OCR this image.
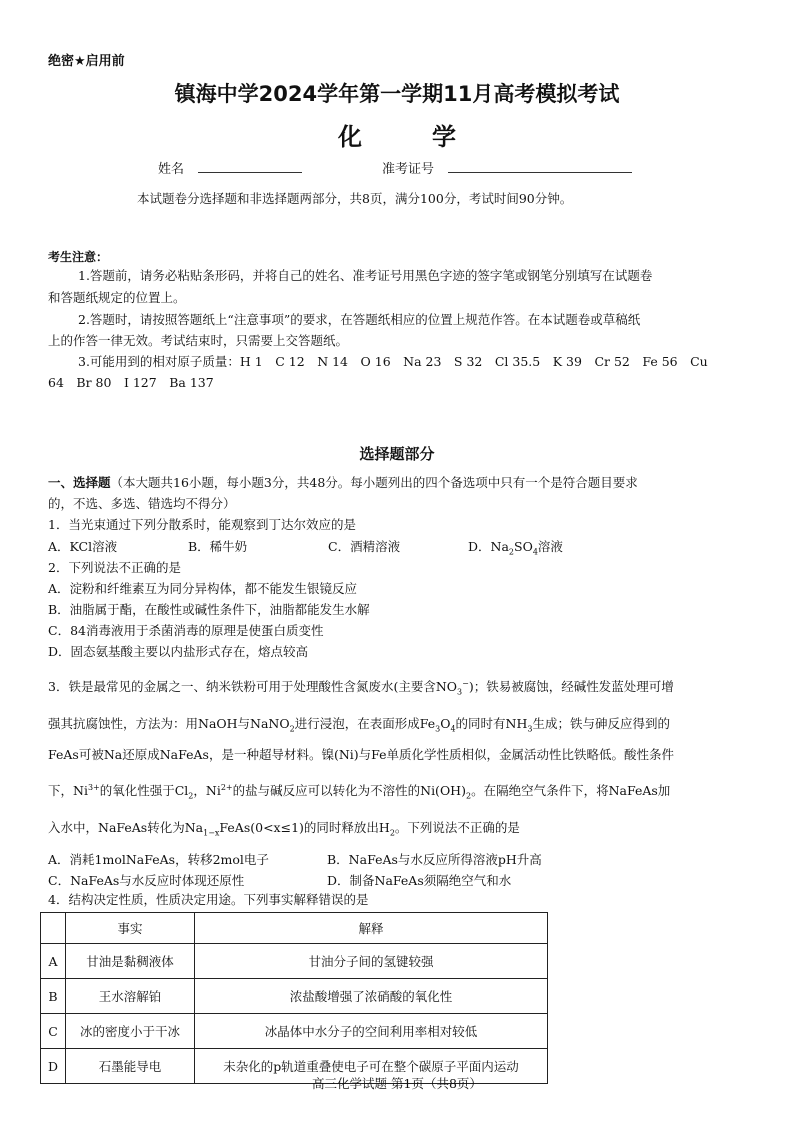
绝密★启用前
镇海中学2024学年第一学期11月高考模拟考试
化学
姓名	准考证号
本试题卷分选择题和非选择题两部分，共8页，满分100分，考试时间90分钟。
考生注意：
1.答题前，请务必粘贴条形码，并将自己的姓名、准考证号用黑色字迹的签字笔或钢笔分别填写在试题卷
和答题纸规定的位置上。
2.答题时，请按照答题纸上“注意事项”的要求，在答题纸相应的位置上规范作答。在本试题卷或草稿纸
上的作答一律无效。考试结束时，只需要上交答题纸。
3.可能用到的相对原子质量：H 1　C 12　N 14　O 16　Na 23　S 32　Cl 35.5　K 39　Cr 52　Fe 56　Cu
64　Br 80　I 127　Ba 137
选择题部分
一、选择题（本大题共16小题，每小题3分，共48分。每小题列出的四个备选项中只有一个是符合题目要求
的，不选、多选、错选均不得分）
1．当光束通过下列分散系时，能观察到丁达尔效应的是
A．KCl溶液	B．稀牛奶	C．酒精溶液	D．$Na_2SO_4$溶液
2．下列说法不正确的是
A．淀粉和纤维素互为同分异构体，都不能发生银镜反应
B．油脂属于酯，在酸性或碱性条件下，油脂都能发生水解
C．84消毒液用于杀菌消毒的原理是使蛋白质变性
D．固态氨基酸主要以内盐形式存在，熔点较高
3．铁是最常见的金属之一、纳米铁粉可用于处理酸性含氮废水(主要含$NO_3^-$)；铁易被腐蚀，经碱性发蓝处理可增
强其抗腐蚀性，方法为：用NaOH与NaNO$_2$进行浸泡，在表面形成$Fe_3O_4$的同时有$NH_3$生成；铁与砷反应得到的
FeAs可被Na还原成NaFeAs，是一种超导材料。镍(Ni)与Fe单质化学性质相似，金属活动性比铁略低。酸性条件
下，$Ni^{3+}$的氧化性强于$Cl_2$，$Ni^{2+}$的盐与碱反应可以转化为不溶性的$Ni(OH)_2$。在隔绝空气条件下，将NaFeAs加
入水中，NaFeAs转化为$Na_{1-x}FeAs(0<x\le 1)$的同时释放出$H_2$。下列说法不正确的是
A．消耗1molNaFeAs，转移2mol电子	B．NaFeAs与水反应所得溶液pH升高
C．NaFeAs与水反应时体现还原性	D．制备NaFeAs须隔绝空气和水
4．结构决定性质，性质决定用途。下列事实解释错误的是
	事实	解释
A	甘油是黏稠液体	甘油分子间的氢键较强
B	王水溶解铂	浓盐酸增强了浓硝酸的氧化性
C	冰的密度小于干冰	冰晶体中水分子的空间利用率相对较低
D	石墨能导电	未杂化的p轨道重叠使电子可在整个碳原子平面内运动
高三化学试题 第1页（共8页）
